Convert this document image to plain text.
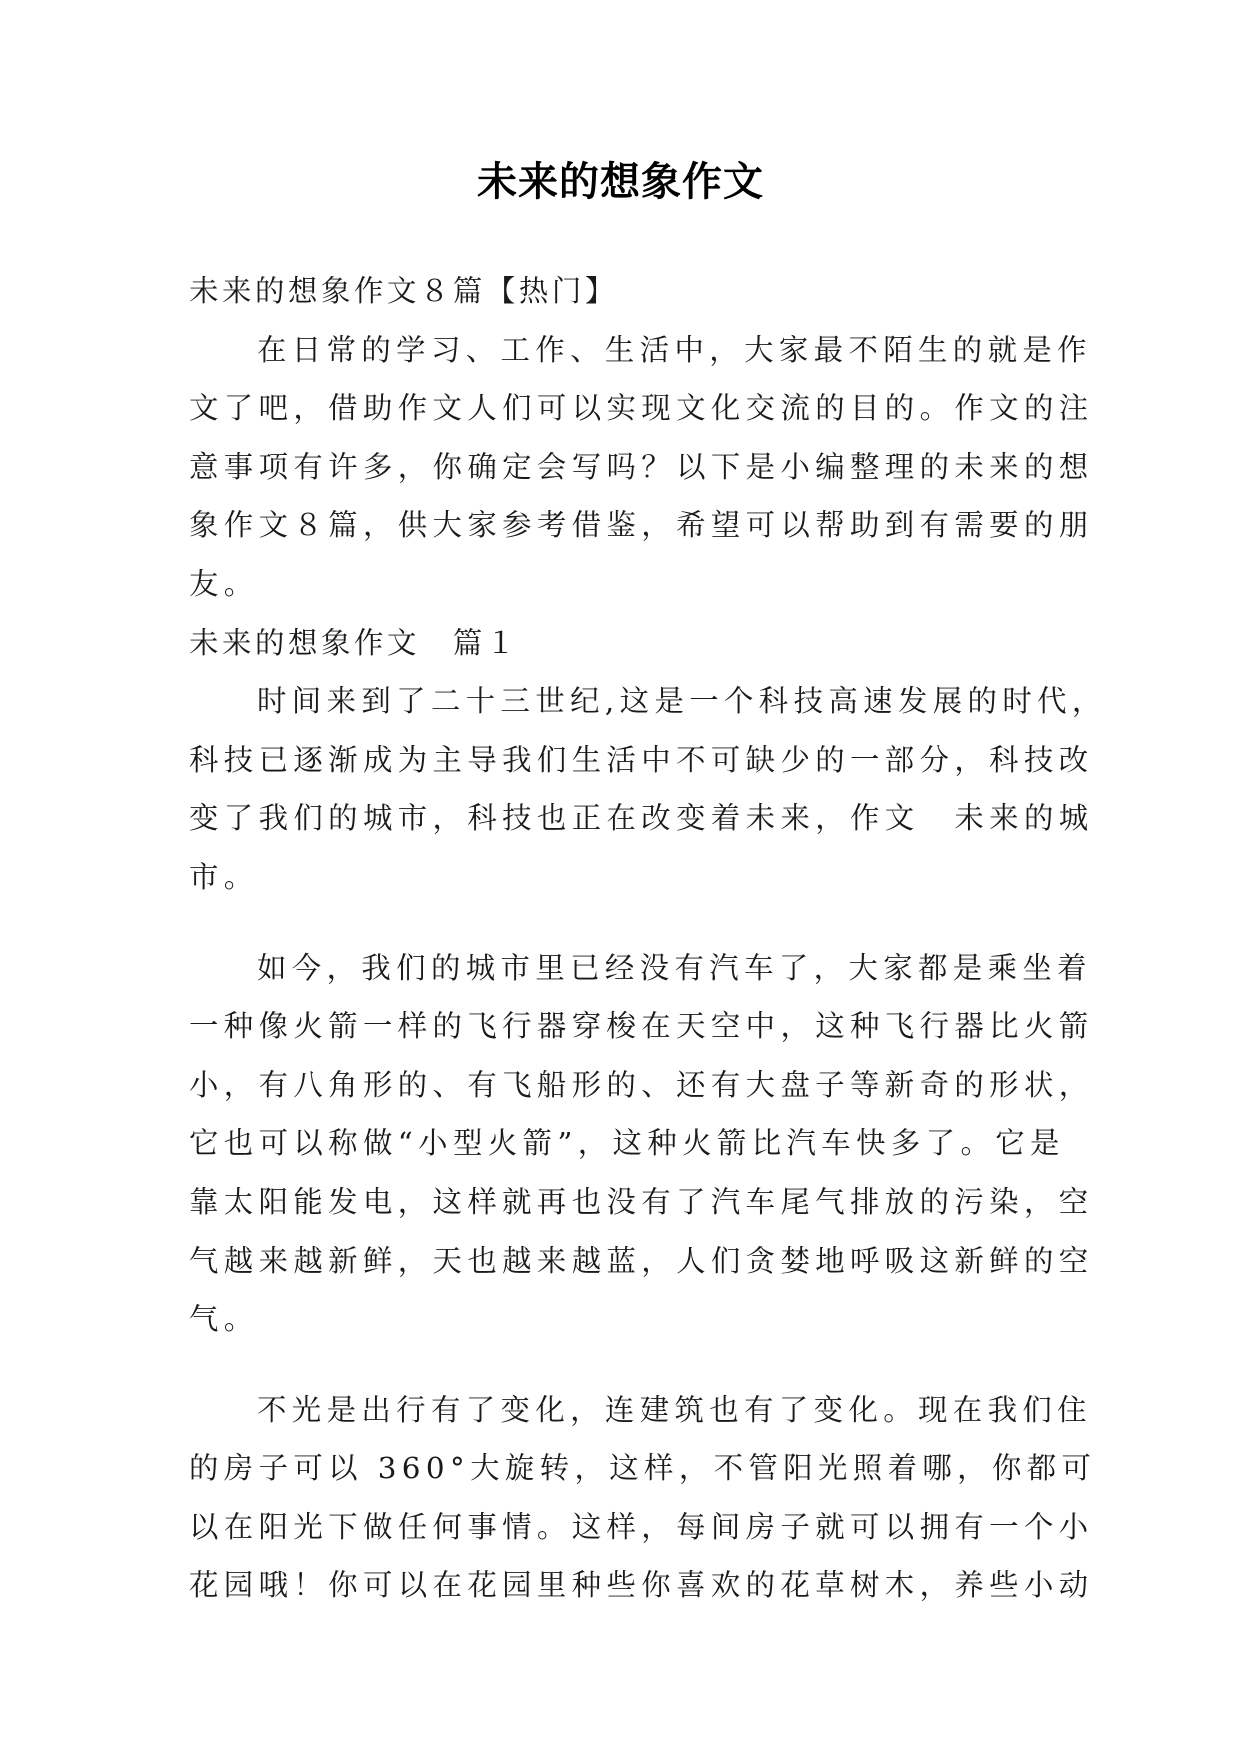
未来的想象作文

未来的想象作文８篇【热门】

在日常的学习、工作、生活中，大家最不陌生的就是作

文了吧，借助作文人们可以实现文化交流的目的。作文的注

意事项有许多，你确定会写吗？以下是小编整理的未来的想

象作文８篇，供大家参考借鉴，希望可以帮助到有需要的朋

友。

未来的想象作文　篇１

时间来到了二十三世纪,这是一个科技高速发展的时代，

科技已逐渐成为主导我们生活中不可缺少的一部分，科技改

变了我们的城市，科技也正在改变着未来，作文　未来的城

市。

如今，我们的城市里已经没有汽车了，大家都是乘坐着

一种像火箭一样的飞行器穿梭在天空中，这种飞行器比火箭

小，有八角形的、有飞船形的、还有大盘子等新奇的形状，

它也可以称做“小型火箭”，这种火箭比汽车快多了。它是

靠太阳能发电，这样就再也没有了汽车尾气排放的污染，空

气越来越新鲜，天也越来越蓝，人们贪婪地呼吸这新鲜的空

气。

不光是出行有了变化，连建筑也有了变化。现在我们住

的房子可以 360°大旋转，这样，不管阳光照着哪，你都可

以在阳光下做任何事情。这样，每间房子就可以拥有一个小

花园哦！你可以在花园里种些你喜欢的花草树木，养些小动
